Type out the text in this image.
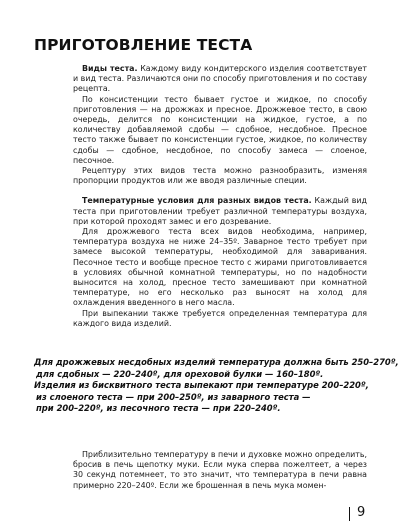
ПРИГОТОВЛЕНИЕ ТЕСТА

Виды теста. Каждому виду кондитерского изделия соответствует и вид теста. Различаются они по способу приготовления и по составу рецепта.

По консистенции тесто бывает густое и жидкое, по способу приготовления — на дрожжах и пресное. Дрожжевое тесто, в свою очередь, делится по консистенции на жидкое, густое, а по количеству добавляемой сдобы — сдобное, несдобное. Пресное тесто также бывает по консистенции густое, жидкое, по количеству сдобы — сдобное, несдобное, по способу замеса — слоеное, песочное.

Рецептуру этих видов теста можно разнообразить, изменяя пропорции продуктов или же вводя различные специи.

Температурные условия для разных видов теста. Каждый вид теста при приготовлении требует различной температуры воздуха, при которой проходят замес и его дозревание.

Для дрожжевого теста всех видов необходима, например, температура воздуха не ниже 24–35º. Заварное тесто требует при замесе высокой температуры, необходимой для заваривания. Песочное тесто и вообще пресное тесто с жирами приготовливается в условиях обычной комнатной температуры, но по надобности выносится на холод, пресное тесто замешивают при комнатной температуре, но его несколько раз выносят на холод для охлаждения введенного в него масла.

При выпекании также требуется определенная температура для каждого вида изделий.

Для дрожжевых несдобных изделий температура должна быть 250–270º,
для сдобных — 220–240º, для ореховой булки — 160–180º.
Изделия из бисквитного теста выпекают при температуре 200–220º,
из слоеного теста — при 200–250º, из заварного теста —
при 200–220º, из песочного теста — при 220–240º.

Приблизительно температуру в печи и духовке можно определить, бросив в печь щепотку муки. Если мука сперва пожелтеет, а через 30 секунд потемнеет, то это значит, что температура в печи равна примерно 220–240º. Если же брошенная в печь мука момен-

9
